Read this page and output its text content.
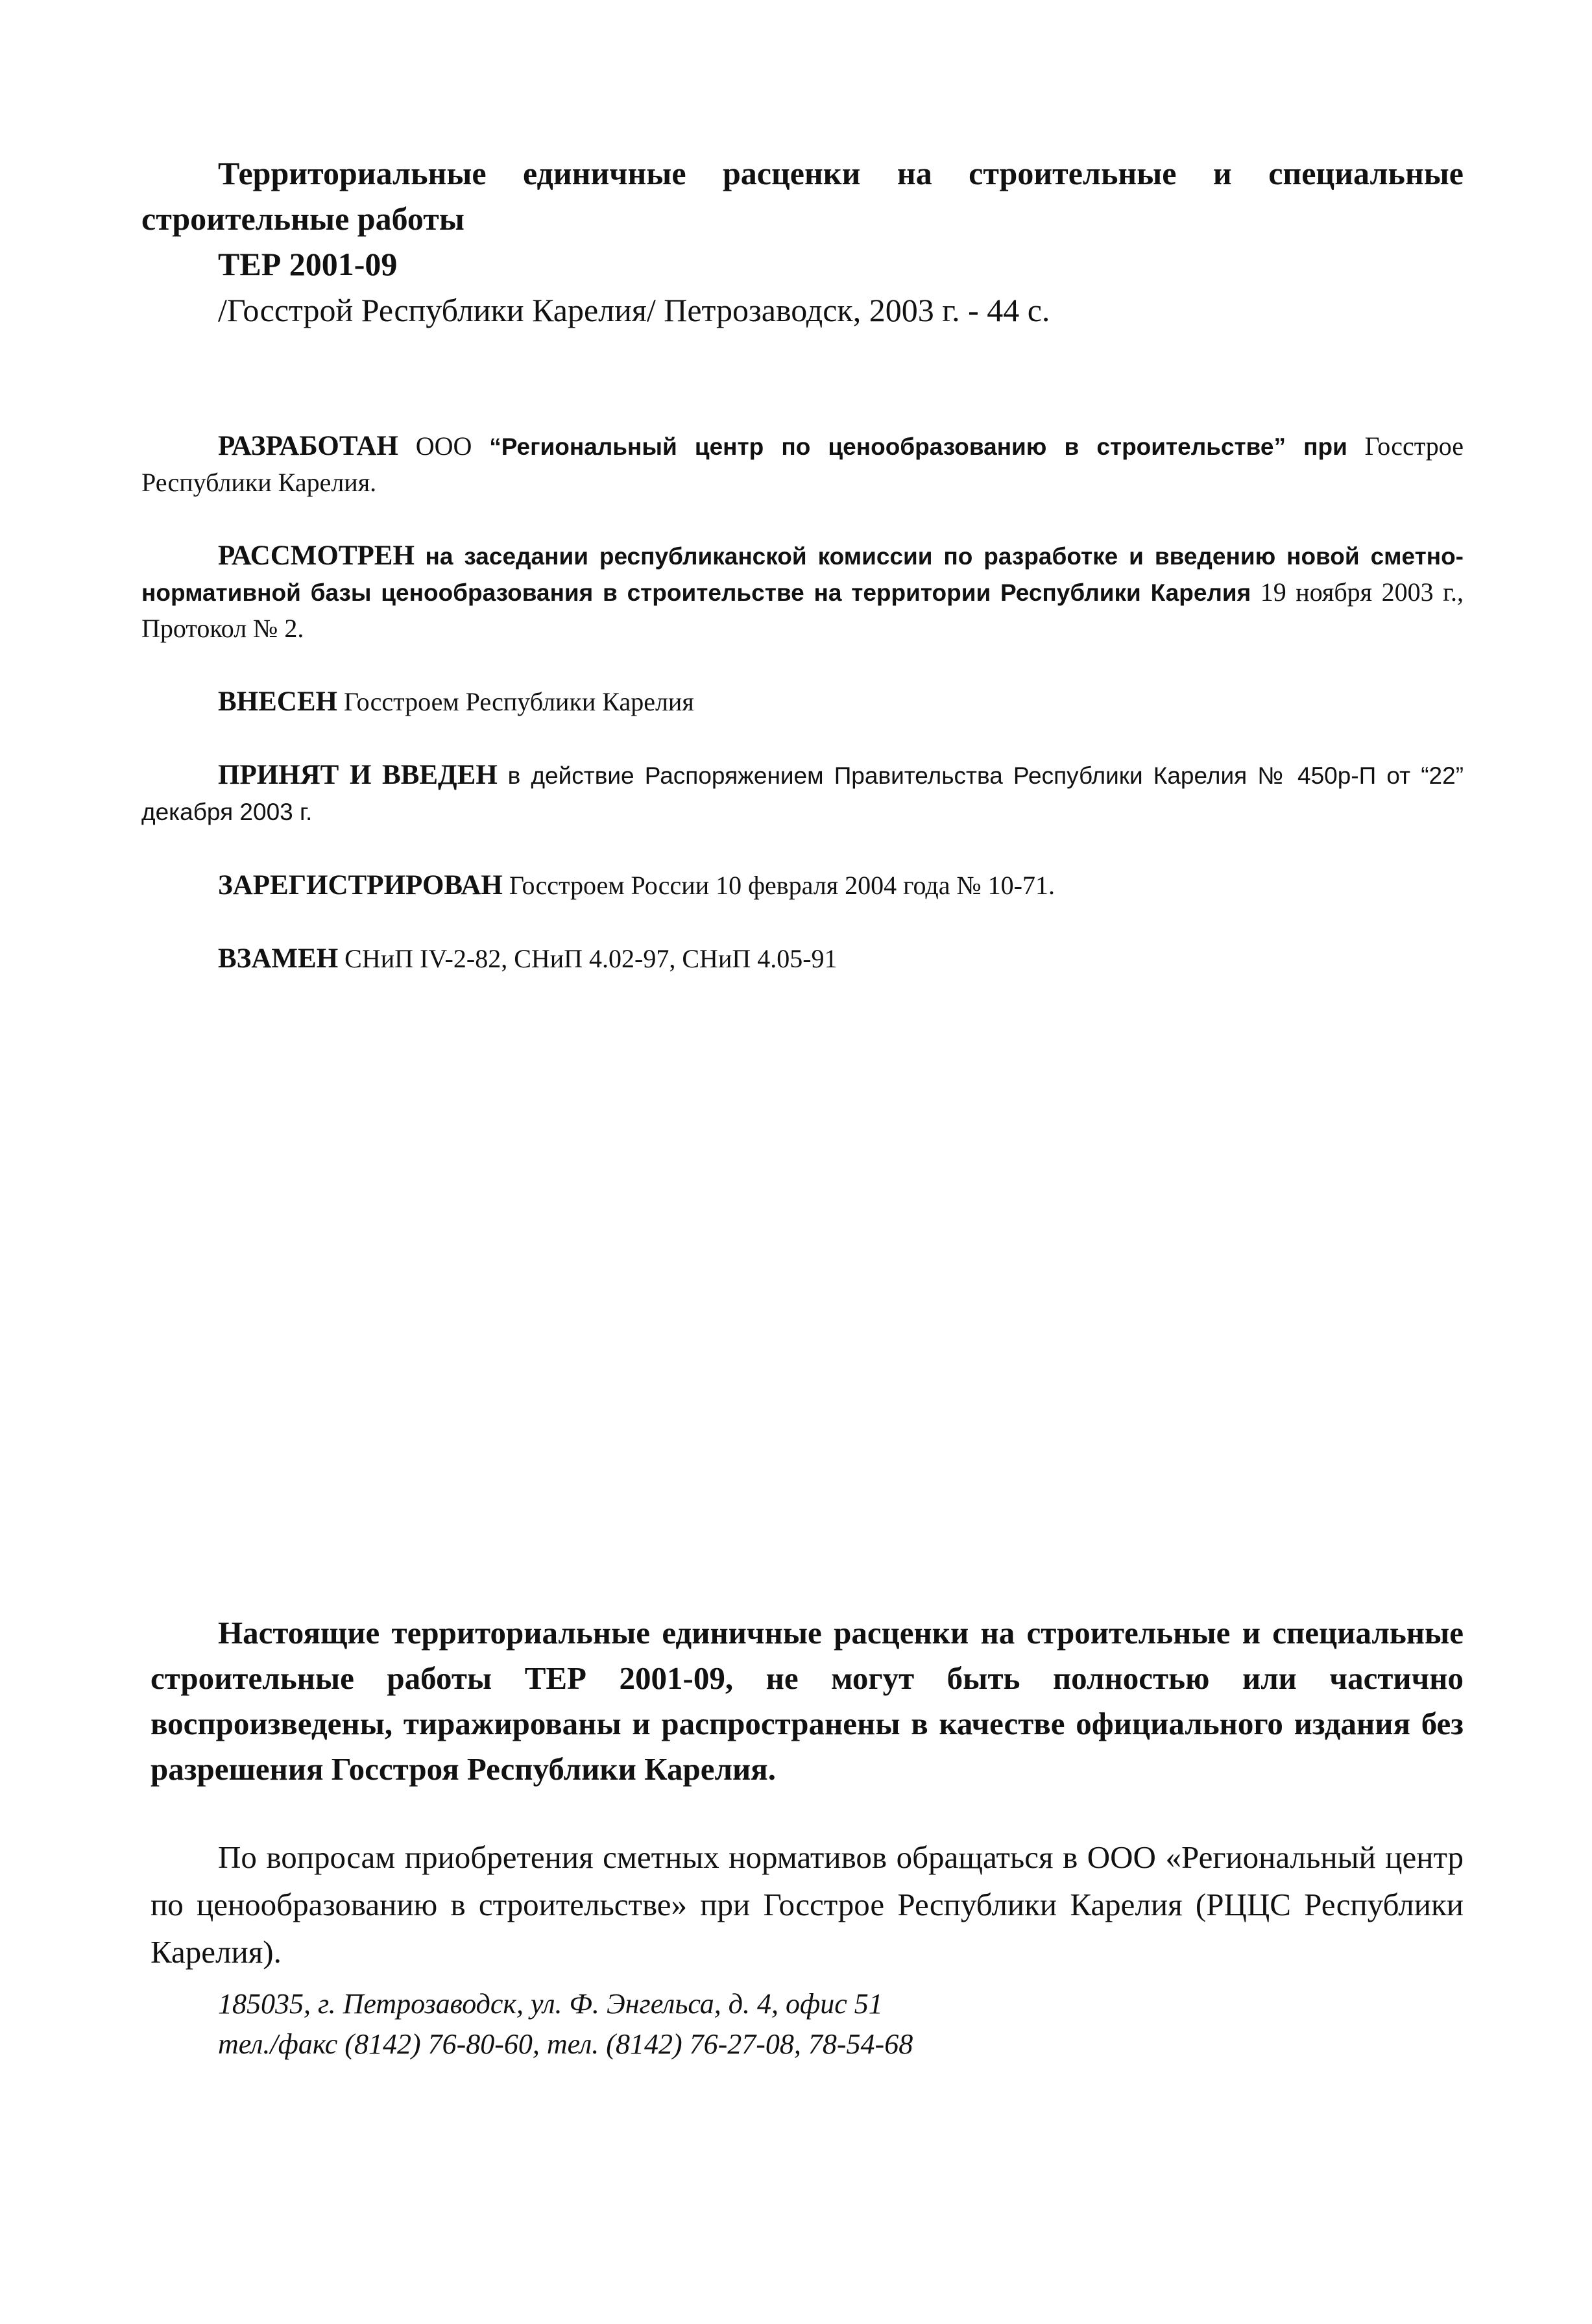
Территориальные единичные расценки на строительные и специальные строительные работы

ТЕР 2001-09

/Госстрой Республики Карелия/ Петрозаводск, 2003 г. - 44 с.

РАЗРАБОТАН ООО “Региональный центр по ценообразованию в строительстве” при Госстрое Республики Карелия.

РАССМОТРЕН на заседании республиканской комиссии по разработке и введению новой сметно-нормативной базы ценообразования в строительстве на территории Республики Карелия 19 ноября 2003 г., Протокол № 2.

ВНЕСЕН Госстроем Республики Карелия

ПРИНЯТ И ВВЕДЕН в действие Распоряжением Правительства Республики Карелия № 450р-П от “22” декабря 2003 г.

ЗАРЕГИСТРИРОВАН Госстроем России 10 февраля 2004 года № 10-71.

ВЗАМЕН СНиП IV-2-82, СНиП 4.02-97, СНиП 4.05-91

Настоящие территориальные единичные расценки на строительные и специальные строительные работы ТЕР 2001-09, не могут быть полностью или частично воспроизведены, тиражированы и распространены в качестве официального издания без разрешения Госстроя Республики Карелия.

По вопросам приобретения сметных нормативов обращаться в ООО «Региональный центр по ценообразованию в строительстве» при Госстрое Республики Карелия (РЦЦС Республики Карелия).

185035, г. Петрозаводск, ул. Ф. Энгельса, д. 4, офис 51

тел./факс (8142) 76-80-60, тел. (8142) 76-27-08, 78-54-68
